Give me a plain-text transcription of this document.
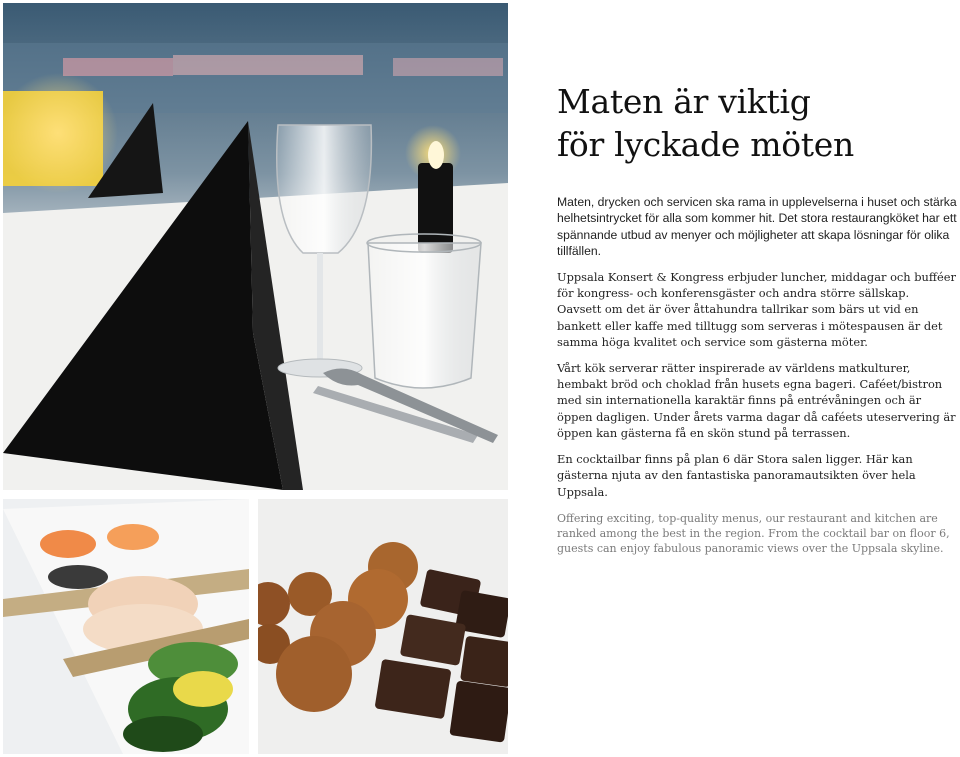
Maten är viktig
för lyckade möten

Maten, drycken och servicen ska rama in upplevelserna i huset och stärka helhetsintrycket för alla som kommer hit. Det stora restaurangköket har ett spännande utbud av menyer och möjligheter att skapa lösningar för olika tillfällen.

Uppsala Konsert & Kongress erbjuder luncher, middagar och bufféer för kongress- och konferensgäster och andra större sällskap. Oavsett om det är över åttahundra tallrikar som bärs ut vid en bankett eller kaffe med tilltugg som serveras i mötespausen är det samma höga kvalitet och service som gästerna möter.

Vårt kök serverar rätter inspirerade av världens matkulturer, hembakt bröd och choklad från husets egna bageri. Caféet/bistron med sin internationella karaktär finns på entrévåningen och är öppen dagligen. Under årets varma dagar då caféets uteservering är öppen kan gästerna få en skön stund på terrassen.

En cocktailbar finns på plan 6 där Stora salen ligger. Här kan gästerna njuta av den fantastiska panoramautsikten över hela Uppsala.

Offering exciting, top-quality menus, our restaurant and kitchen are ranked among the best in the region. From the cocktail bar on floor 6, guests can enjoy fabulous panoramic views over the Uppsala skyline.
